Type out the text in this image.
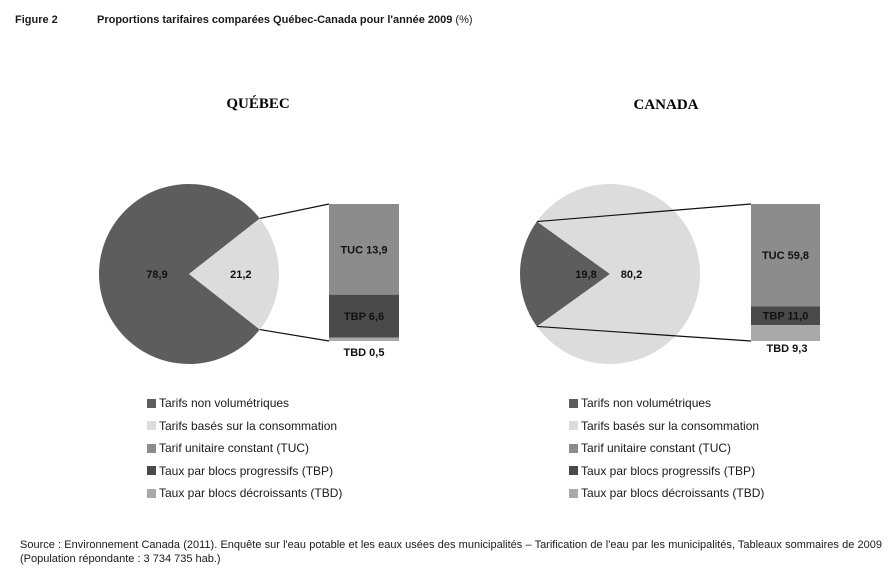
Figure 2	Proportions tarifaires comparées Québec-Canada pour l'année 2009 (%)
QUÉBEC
78,9	21,2
TUC 13,9
TBP 6,6
TBD 0,5
CANADA
19,8 80,2
TUC 59,8
TBP 11,0
TBD 9,3
Tarifs non volumétriques
Tarifs basés sur la consommation
Tarif unitaire constant (TUC)
Taux par blocs progressifs (TBP)
Taux par blocs décroissants (TBD)
Tarifs non volumétriques
Tarifs basés sur la consommation
Tarif unitaire constant (TUC)
Taux par blocs progressifs (TBP)
Taux par blocs décroissants (TBD)
Source : Environnement Canada (2011). Enquête sur l'eau potable et les eaux usées des municipalités – Tarification de l'eau par les municipalités, Tableaux sommaires de 2009 (Population répondante : 3 734 735 hab.)
